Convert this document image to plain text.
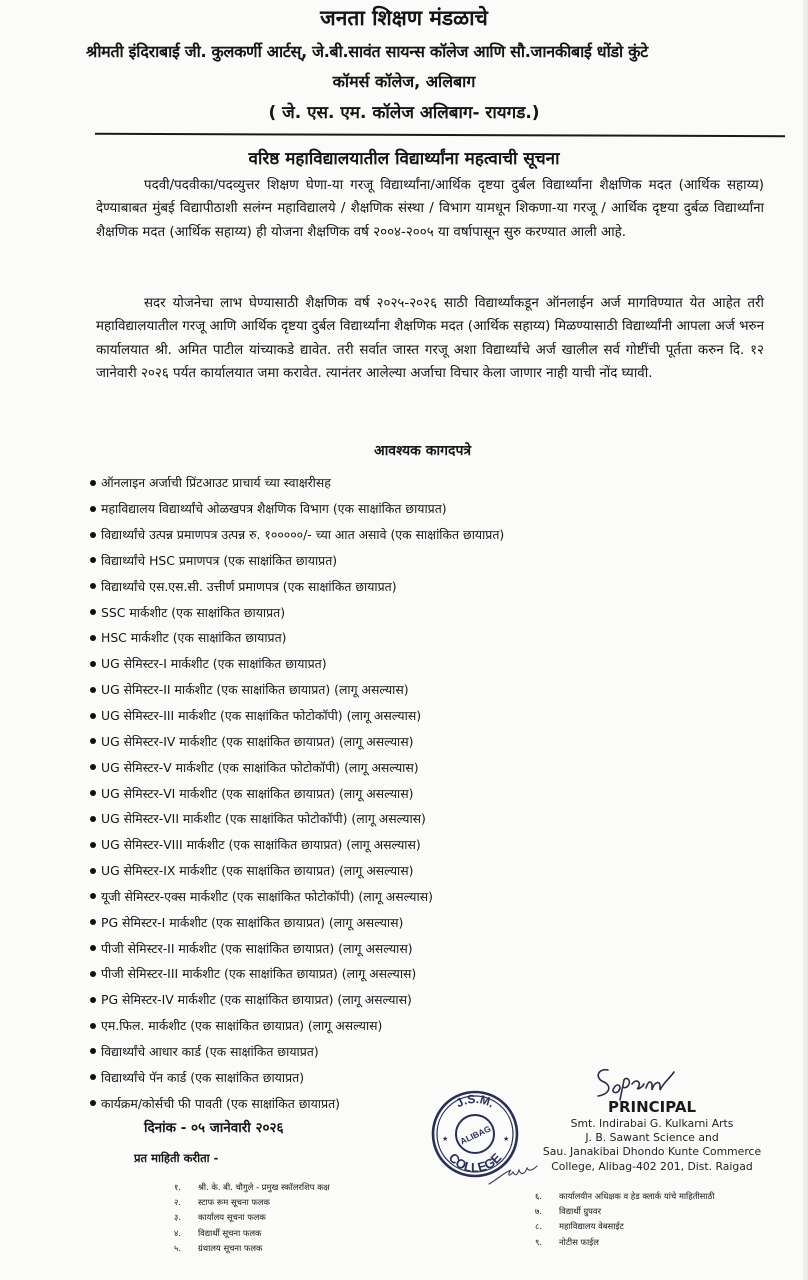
जनता शिक्षण मंडळाचे
श्रीमती इंदिराबाई जी. कुलकर्णी आर्टस्, जे.बी.सावंत सायन्स कॉलेज आणि सौ.जानकीबाई धोंडो कुंटे
कॉमर्स कॉलेज, अलिबाग
( जे. एस. एम. कॉलेज अलिबाग- रायगड.)
वरिष्ठ महाविद्यालयातील विद्यार्थ्यांना महत्वाची सूचना

पदवी/पदवीका/पदव्युत्तर शिक्षण घेणा-या गरजू विद्यार्थ्यांना/आर्थिक दृष्टया दुर्बल विद्यार्थ्यांना शैक्षणिक मदत (आर्थिक सहाय्य) देण्याबाबत मुंबई विद्यापीठाशी सलंग्न महाविद्यालये / शैक्षणिक संस्था / विभाग यामधून शिकणा-या गरजू / आर्थिक दृष्टया दुर्बळ विद्यार्थ्यांना शैक्षणिक मदत (आर्थिक सहाय्य) ही योजना शैक्षणिक वर्ष २००४-२००५ या वर्षापासून सुरु करण्यात आली आहे.

सदर योजनेचा लाभ घेण्यासाठी शैक्षणिक वर्ष २०२५-२०२६ साठी विद्यार्थ्यांकडून ऑनलाईन अर्ज मागविण्यात येत आहेत तरी महाविद्यालयातील गरजू आणि आर्थिक दृष्टया दुर्बल विद्यार्थ्यांना शैक्षणिक मदत (आर्थिक सहाय्य) मिळण्यासाठी विद्यार्थ्यांनी आपला अर्ज भरुन कार्यालयात श्री. अमित पाटील यांच्याकडे द्यावेत. तरी सर्वात जास्त गरजू अशा विद्यार्थ्यांचे अर्ज खालील सर्व गोष्टींची पूर्तता करुन दि. १२ जानेवारी २०२६ पर्यत कार्यालयात जमा करावेत. त्यानंतर आलेल्या अर्जाचा विचार केला जाणार नाही याची नोंद घ्यावी.

आवश्यक कागदपत्रे
ऑनलाइन अर्जाची प्रिंटआउट प्राचार्य च्या स्वाक्षरीसह
महाविद्यालय विद्यार्थ्यांचे ओळखपत्र शैक्षणिक विभाग (एक साक्षांकित छायाप्रत)
विद्यार्थ्यांचे उत्पन्न प्रमाणपत्र उत्पन्न रु. १०००००/- च्या आत असावे (एक साक्षांकित छायाप्रत)
विद्यार्थ्यांचे HSC प्रमाणपत्र (एक साक्षांकित छायाप्रत)
विद्यार्थ्यांचे एस.एस.सी. उत्तीर्ण प्रमाणपत्र (एक साक्षांकित छायाप्रत)
SSC मार्कशीट (एक साक्षांकित छायाप्रत)
HSC मार्कशीट (एक साक्षांकित छायाप्रत)
UG सेमिस्टर-I मार्कशीट (एक साक्षांकित छायाप्रत)
UG सेमिस्टर-II मार्कशीट (एक साक्षांकित छायाप्रत) (लागू असल्यास)
UG सेमिस्टर-III मार्कशीट (एक साक्षांकित फोटोकॉपी) (लागू असल्यास)
UG सेमिस्टर-IV मार्कशीट (एक साक्षांकित छायाप्रत) (लागू असल्यास)
UG सेमिस्टर-V मार्कशीट (एक साक्षांकित फोटोकॉपी) (लागू असल्यास)
UG सेमिस्टर-VI मार्कशीट (एक साक्षांकित छायाप्रत) (लागू असल्यास)
UG सेमिस्टर-VII मार्कशीट (एक साक्षांकित फोटोकॉपी) (लागू असल्यास)
UG सेमिस्टर-VIII मार्कशीट (एक साक्षांकित छायाप्रत) (लागू असल्यास)
UG सेमिस्टर-IX मार्कशीट (एक साक्षांकित छायाप्रत) (लागू असल्यास)
यूजी सेमिस्टर-एक्स मार्कशीट (एक साक्षांकित फोटोकॉपी) (लागू असल्यास)
PG सेमिस्टर-I मार्कशीट (एक साक्षांकित छायाप्रत) (लागू असल्यास)
पीजी सेमिस्टर-II मार्कशीट (एक साक्षांकित छायाप्रत) (लागू असल्यास)
पीजी सेमिस्टर-III मार्कशीट (एक साक्षांकित छायाप्रत) (लागू असल्यास)
PG सेमिस्टर-IV मार्कशीट (एक साक्षांकित छायाप्रत) (लागू असल्यास)
एम.फिल. मार्कशीट (एक साक्षांकित छायाप्रत) (लागू असल्यास)
विद्यार्थ्यांचे आधार कार्ड (एक साक्षांकित छायाप्रत)
विद्यार्थ्यांचे पॅन कार्ड (एक साक्षांकित छायाप्रत)
कार्यक्रम/कोर्सची फी पावती (एक साक्षांकित छायाप्रत)
दिनांक - ०५ जानेवारी २०२६
प्रत माहिती करीता -
१. श्री. के. बी. चौगुले - प्रमुख स्कॉलरशिप कक्ष
२. स्टाफ रूम सूचना फलक
३. कार्यालय सूचना फलक
४. विद्यार्थी सूचना फलक
५. ग्रंथालय सूचना फलक
६. कार्यालयीन अधिक्षक व हेड क्लार्क यांचे माहितीसाठी
७. विद्यार्थी ग्रुपवर
८. महाविद्यालय वेबसाईट
९. नोटीस फाईल
J.S.M.
COLLEGE
ALIBAG
★	★
PRINCIPAL
Smt. Indirabai G. Kulkarni Arts
J. B. Sawant Science and
Sau. Janakibai Dhondo Kunte Commerce
College, Alibag-402 201, Dist. Raigad
